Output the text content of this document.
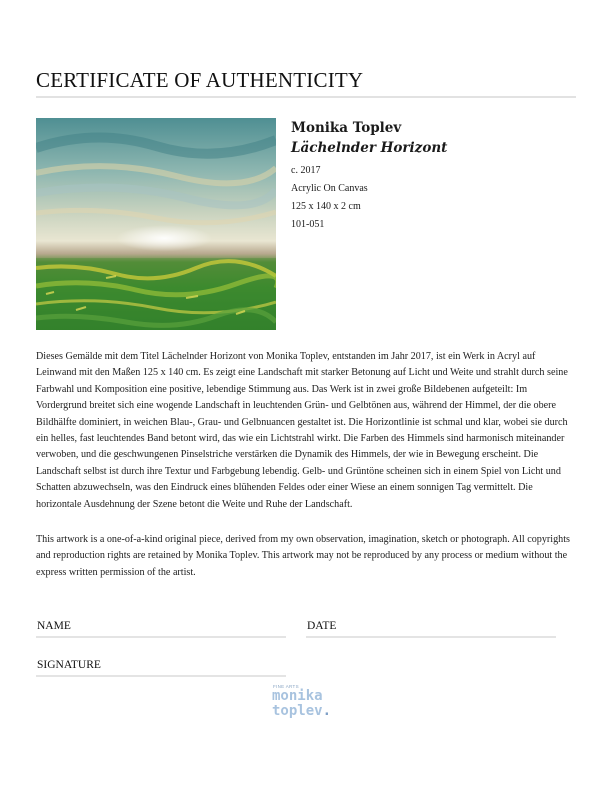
CERTIFICATE OF AUTHENTICITY

Monika Toplev

Lächelnder Horizont

c. 2017

Acrylic On Canvas

125 x 140 x 2 cm

101-051

Dieses Gemälde mit dem Titel Lächelnder Horizont von Monika Toplev, entstanden im Jahr 2017, ist ein Werk in Acryl auf Leinwand mit den Maßen 125 x 140 cm. Es zeigt eine Landschaft mit starker Betonung auf Licht und Weite und strahlt durch seine Farbwahl und Komposition eine positive, lebendige Stimmung aus. Das Werk ist in zwei große Bildebenen aufgeteilt: Im Vordergrund breitet sich eine wogende Landschaft in leuchtenden Grün- und Gelbtönen aus, während der Himmel, der die obere Bildhälfte dominiert, in weichen Blau-, Grau- und Gelbnuancen gestaltet ist. Die Horizontlinie ist schmal und klar, wobei sie durch ein helles, fast leuchtendes Band betont wird, das wie ein Lichtstrahl wirkt. Die Farben des Himmels sind harmonisch miteinander verwoben, und die geschwungenen Pinselstriche verstärken die Dynamik des Himmels, der wie in Bewegung erscheint. Die Landschaft selbst ist durch ihre Textur und Farbgebung lebendig. Gelb- und Grüntöne scheinen sich in einem Spiel von Licht und Schatten abzuwechseln, was den Eindruck eines blühenden Feldes oder einer Wiese an einem sonnigen Tag vermittelt. Die horizontale Ausdehnung der Szene betont die Weite und Ruhe der Landschaft.

This artwork is a one-of-a-kind original piece, derived from my own observation, imagination, sketch or photograph. All copyrights and reproduction rights are retained by Monika Toplev. This artwork may not be reproduced by any process or medium without the express written permission of the artist.

NAME	DATE
SIGNATURE
FINE ARTS
monika
toplev.
